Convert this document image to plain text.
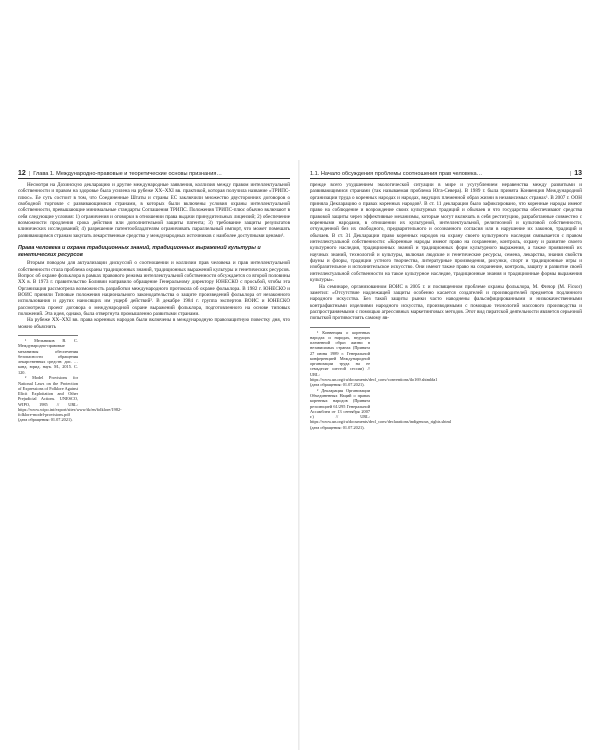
12 | Глава 1. Международно-правовые и теоретические основы признания…

Несмотря на Дохинскую декларацию и другие международные заявления, коллизия между правом интеллектуальной собственности и правом на здоровье была усилена на рубеже XX–XXI вв. практикой, которая получила название «ТРИПС-плюс». Ее суть состоит в том, что Соединенные Штаты и страны ЕС заключили множество двусторонних договоров о свободной торговле с развивающимися странами, в которых были включены условия охраны интеллектуальной собственности, превышающие минимальные стандарты Соглашения ТРИПС. Положения ТРИПС-плюс обычно включают в себя следующие условия: 1) ограничения и оговорки в отношении права выдачи принудительных лицензий; 2) обеспечение возможности продления срока действия или дополнительной защиты патента; 3) требование защиты результатов клинических исследований; 4) разрешение патентообладателям ограничивать параллельный импорт, что может помешать развивающимся странам закупать лекарственные средства у международных источников с наиболее доступными ценами¹.

Права человека и охрана традиционных знаний, традиционных выражений культуры и генетических ресурсов

Вторым поводом для актуализации дискуссий о соотношении и коллизии прав человека и прав интеллектуальной собственности стала проблема охраны традиционных знаний, традиционных выражений культуры и генетических ресурсов. Вопрос об охране фольклора в рамках правового режима интеллектуальной собственности обсуждается со второй половины XX в. В 1973 г. правительство Боливии направило обращение Генеральному директору ЮНЕСКО с просьбой, чтобы эта Организация рассмотрела возможность разработки международного протокола об охране фольклора. В 1982 г. ЮНЕСКО и ВОИС приняли Типовые положения национального законодательства о защите произведений фольклора от незаконного использования и других наносящих им ущерб действий². В декабре 1984 г. группа экспертов ВОИС и ЮНЕСКО рассмотрела проект договора о международной охране выражений фольклора, подготовленного на основе типовых положений. Эта идея, однако, была отвергнута промышленно развитыми странами.

На рубеже XX–XXI вв. права коренных народов были включены в международную правозащитную повестку дня, что можно объяснить

¹ Мельников В. С. Международно-правовые механизмы обеспечения безопасности обращения лекарственных средств: дис. … канд. юрид. наук. М., 2015. С. 120.

² Model Provisions for National Laws on the Protection of Expressions of Folklore Against Illicit Exploitation and Other Prejudicial Actions. UNESCO, WIPO, 1985 // URL: https://www.wipo.int/export/sites/www/tk/en/folklore/1982-folklore-model-provisions.pdf (дата обращения: 01.07.2021).

1.1. Начало обсуждения проблемы соотношения прав человека…	| 13

прежде всего ухудшением экологической ситуации в мире и усугублением неравенства между развитыми и развивающимися странами (так называемая проблема Юга-Севера). В 1989 г. была принята Конвенция Международной организации труда о коренных народах и народах, ведущих племенной образ жизни в независимых странах¹. В 2007 г. ООН приняла Декларацию о правах коренных народов². В ст. 11 декларации было зафиксировано, что коренные народы имеют право на соблюдение и возрождение своих культурных традиций и обычаев и что государства обеспечивают средства правовой защиты через эффективные механизмы, которые могут включать в себя реституцию, разработанные совместно с коренными народами, в отношении их культурной, интеллектуальной, религиозной и культовой собственности, отчужденной без их свободного, предварительного и осознанного согласия или в нарушение их законов, традиций и обычаев. В ст. 31 Декларации право коренных народов на охрану своего культурного наследия связывается с правом интеллектуальной собственности: «Коренные народы имеют право на сохранение, контроль, охрану и развитие своего культурного наследия, традиционных знаний и традиционных форм культурного выражения, а также проявлений их научных знаний, технологий и культуры, включая людские и генетические ресурсы, семена, лекарства, знания свойств фауны и флоры, традиции устного творчества, литературные произведения, рисунки, спорт и традиционные игры и изобразительное и исполнительское искусство. Они имеют также право на сохранение, контроль, защиту и развитие своей интеллектуальной собственности на такое культурное наследие, традиционные знания и традиционные формы выражения культуры».

На семинаре, организованном ВОИС в 2005 г. и посвященном проблеме охраны фольклора, М. Фичор (M. Ficsor) заметил: «Отсутствие надлежащей защиты особенно касается создателей и производителей предметов подлинного народного искусства. Без такой защиты рынки часто наводнены фальсифицированными и низкокачественными контрафактными изделиями народного искусства, производимыми с помощью технологий массового производства и распространяемыми с помощью агрессивных маркетинговых методов. Этот вид пиратской деятельности является серьезной попыткой противостоять самому яв-

¹ Конвенция о коренных народах и народах, ведущих племенной образ жизни в независимых странах (Принята 27 июня 1989 г. Генеральной конференцией Международной организации труда на ее семьдесят шестой сессии) // URL: https://www.un.org/ru/documents/decl_conv/conventions/ilo169.shtml#a1 (дата обращения: 01.07.2021).

² Декларация Организации Объединенных Наций о правах коренных народов (Принята резолюцией 61/295 Генеральной Ассамблеи от 13 сентября 2007 г.) // URL: https://www.un.org/ru/documents/decl_conv/declarations/indigenous_rights.shtml (дата обращения: 01.07.2021).
